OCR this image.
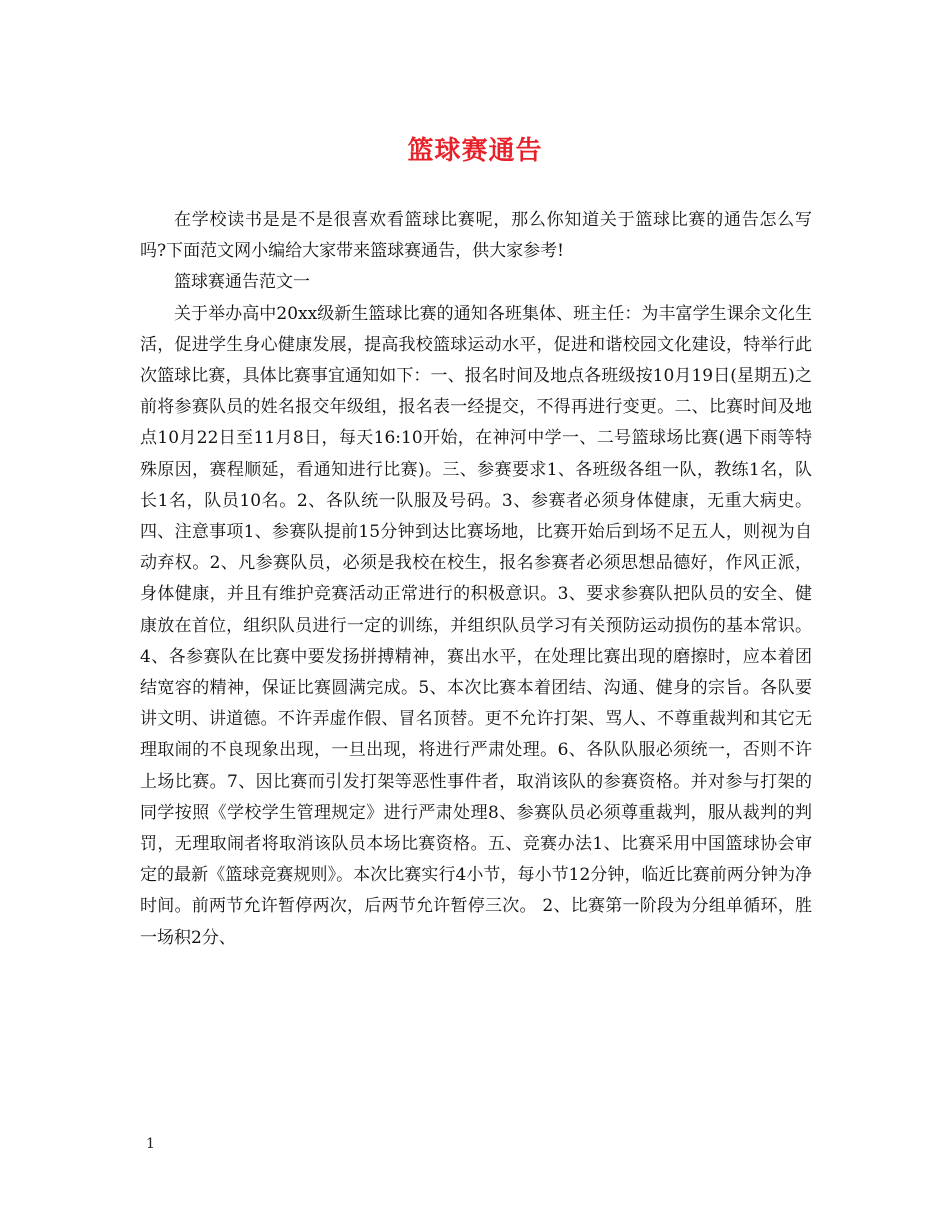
篮球赛通告

在学校读书是是不是很喜欢看篮球比赛呢，那么你知道关于篮球比赛的通告怎么写吗?下面范文网小编给大家带来篮球赛通告，供大家参考!

篮球赛通告范文一

关于举办高中20xx级新生篮球比赛的通知各班集体、班主任：为丰富学生课余文化生活，促进学生身心健康发展，提高我校篮球运动水平，促进和谐校园文化建设，特举行此次篮球比赛，具体比赛事宜通知如下：一、报名时间及地点各班级按10月19日(星期五)之前将参赛队员的姓名报交年级组，报名表一经提交，不得再进行变更。二、比赛时间及地点10月22日至11月8日，每天16:10开始，在神河中学一、二号篮球场比赛(遇下雨等特殊原因，赛程顺延，看通知进行比赛)。三、参赛要求1、各班级各组一队，教练1名，队长1名，队员10名。2、各队统一队服及号码。3、参赛者必须身体健康，无重大病史。四、注意事项1、参赛队提前15分钟到达比赛场地，比赛开始后到场不足五人，则视为自动弃权。2、凡参赛队员，必须是我校在校生，报名参赛者必须思想品德好，作风正派，身体健康，并且有维护竞赛活动正常进行的积极意识。3、要求参赛队把队员的安全、健康放在首位，组织队员进行一定的训练，并组织队员学习有关预防运动损伤的基本常识。4、各参赛队在比赛中要发扬拼搏精神，赛出水平，在处理比赛出现的磨擦时，应本着团结宽容的精神，保证比赛圆满完成。5、本次比赛本着团结、沟通、健身的宗旨。各队要讲文明、讲道德。不许弄虚作假、冒名顶替。更不允许打架、骂人、不尊重裁判和其它无理取闹的不良现象出现，一旦出现，将进行严肃处理。6、各队队服必须统一，否则不许上场比赛。7、因比赛而引发打架等恶性事件者，取消该队的参赛资格。并对参与打架的同学按照《学校学生管理规定》进行严肃处理8、参赛队员必须尊重裁判，服从裁判的判罚，无理取闹者将取消该队员本场比赛资格。五、竞赛办法1、比赛采用中国篮球协会审定的最新《篮球竞赛规则》。本次比赛实行4小节，每小节12分钟，临近比赛前两分钟为净时间。前两节允许暂停两次，后两节允许暂停三次。 2、比赛第一阶段为分组单循环，胜一场积2分、

1
